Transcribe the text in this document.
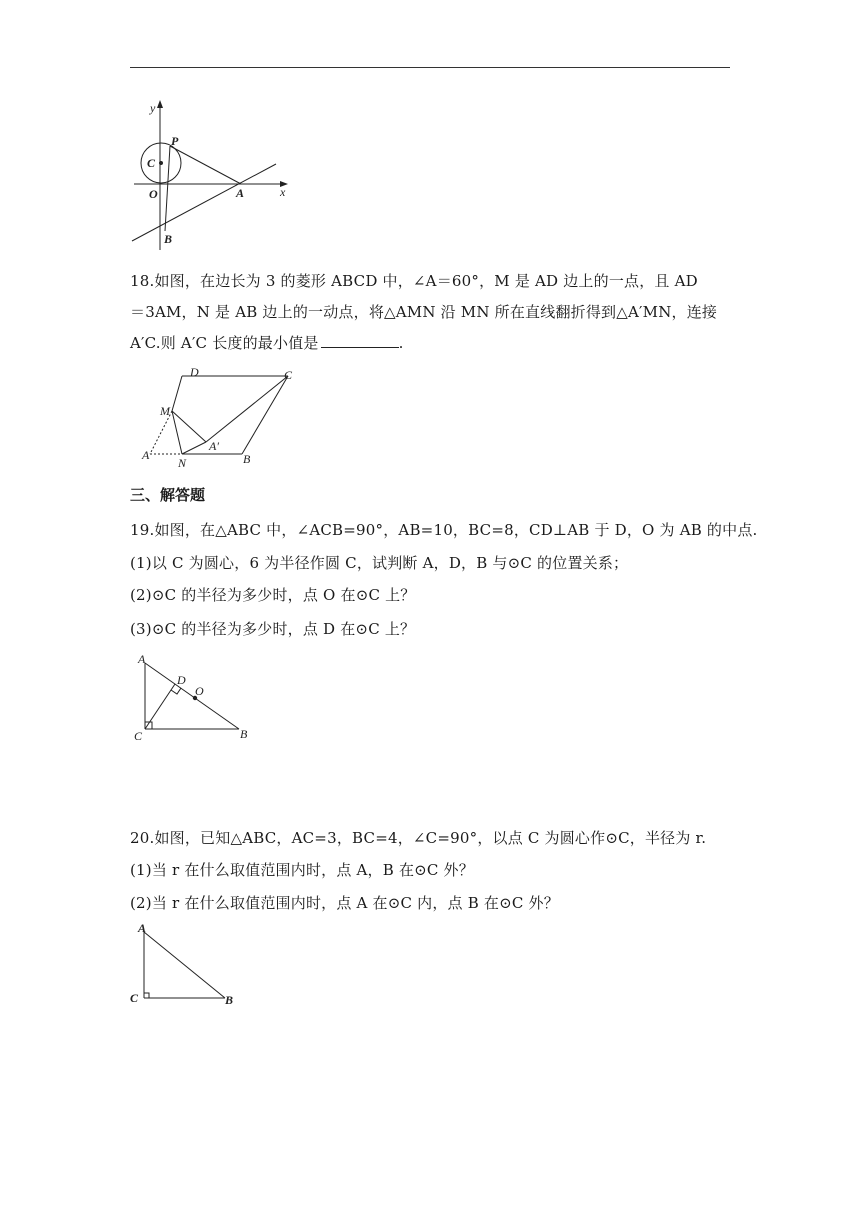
y
x
P
C
O	A
B
18.如图，在边长为 3 的菱形 ABCD 中，∠A＝60°，M 是 AD 边上的一点，且 AD
＝3AM，N 是 AB 边上的一动点，将△AMN 沿 MN 所在直线翻折得到△A′MN，连接
A′C.则 A′C 长度的最小值是	.
D	C
M
A′
A
N	B
三、解答题
19.如图，在△ABC 中，∠ACB=90°，AB=10，BC=8，CD⊥AB 于 D，O 为 AB 的中点.
(1)以 C 为圆心，6 为半径作圆 C，试判断 A，D，B 与⊙C 的位置关系；
(2)⊙C 的半径为多少时，点 O 在⊙C 上？
(3)⊙C 的半径为多少时，点 D 在⊙C 上？
A
D
O
C	B
20.如图，已知△ABC，AC=3，BC=4，∠C=90°，以点 C 为圆心作⊙C，半径为 r.
(1)当 r 在什么取值范围内时，点 A，B 在⊙C 外？
(2)当 r 在什么取值范围内时，点 A 在⊙C 内，点 B 在⊙C 外？
A
C	B
